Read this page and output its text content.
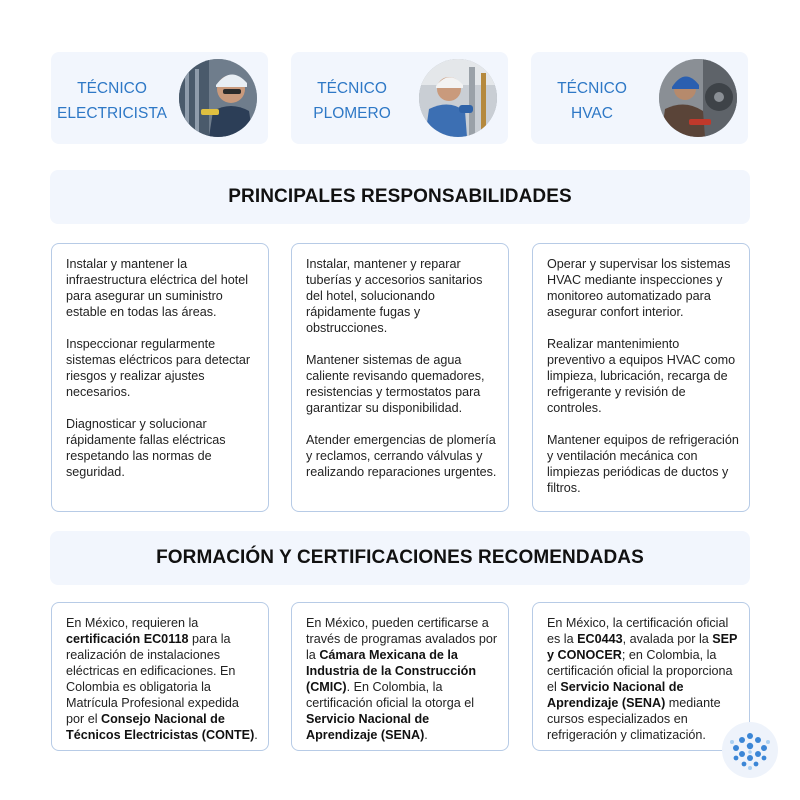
TÉCNICO
ELECTRICISTA
TÉCNICO
PLOMERO
TÉCNICO
HVAC
PRINCIPALES RESPONSABILIDADES

Instalar y mantener la infraestructura eléctrica del hotel para asegurar un suministro estable en todas las áreas.

Inspeccionar regularmente sistemas eléctricos para detectar riesgos y realizar ajustes necesarios.

Diagnosticar y solucionar rápidamente fallas eléctricas respetando las normas de seguridad.

Instalar, mantener y reparar tuberías y accesorios sanitarios del hotel, solucionando rápidamente fugas y obstrucciones.

Mantener sistemas de agua caliente revisando quemadores, resistencias y termostatos para garantizar su disponibilidad.

Atender emergencias de plomería y reclamos, cerrando válvulas y realizando reparaciones urgentes.

Operar y supervisar los sistemas HVAC mediante inspecciones y monitoreo automatizado para asegurar confort interior.

Realizar mantenimiento preventivo a equipos HVAC como limpieza, lubricación, recarga de refrigerante y revisión de controles.

Mantener equipos de refrigeración y ventilación mecánica con limpiezas periódicas de ductos y filtros.

FORMACIÓN Y CERTIFICACIONES RECOMENDADAS

En México, requieren la certificación EC0118 para la realización de instalaciones eléctricas en edificaciones. En Colombia es obligatoria la Matrícula Profesional expedida por el Consejo Nacional de Técnicos Electricistas (CONTE).

En México, pueden certificarse a través de programas avalados por la Cámara Mexicana de la Industria de la Construcción (CMIC). En Colombia, la certificación oficial la otorga el Servicio Nacional de Aprendizaje (SENA).

En México, la certificación oficial es la EC0443, avalada por la SEP y CONOCER; en Colombia, la certificación oficial la proporciona el Servicio Nacional de Aprendizaje (SENA) mediante cursos especializados en refrigeración y climatización.
